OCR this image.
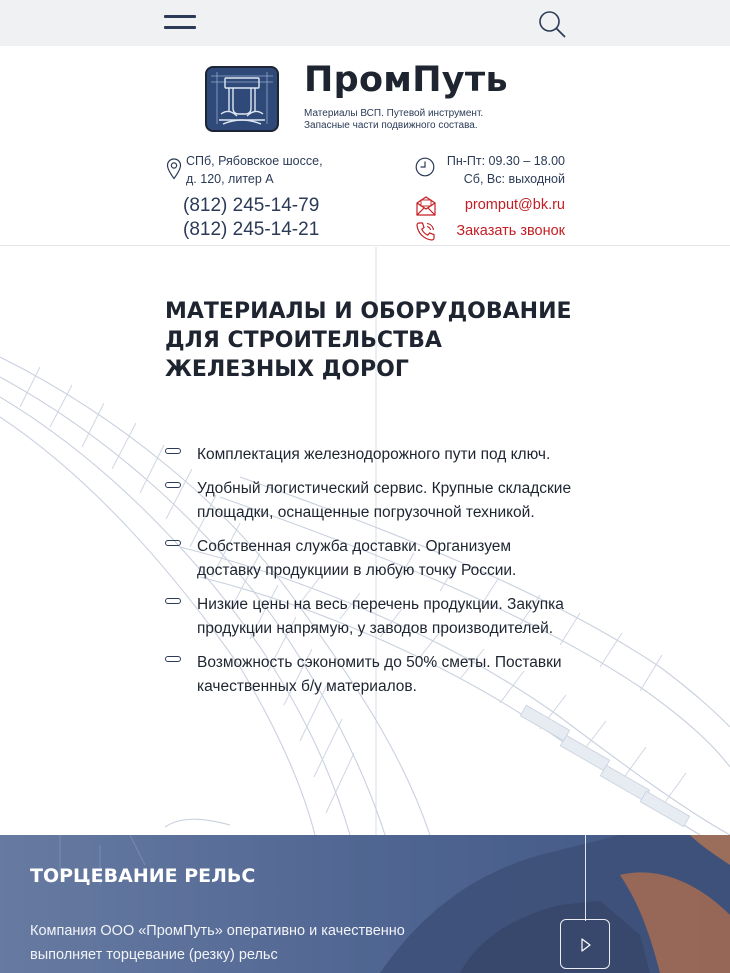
ПромПуть
Материалы ВСП. Путевой инструмент.
Запасные части подвижного состава.
СПб, Рябовское шоссе,
д. 120, литер А
Пн-Пт: 09.30 – 18.00
Сб, Вс: выходной
(812) 245-14-79
(812) 245-14-21
promput@bk.ru
Заказать звонок
МАТЕРИАЛЫ И ОБОРУДОВАНИЕ ДЛЯ СТРОИТЕЛЬСТВА ЖЕЛЕЗНЫХ ДОРОГ
Комплектация железнодорожного пути под ключ.
Удобный логистический сервис. Крупные складские площадки, оснащенные погрузочной техникой.
Собственная служба доставки. Организуем доставку продукциии в любую точку России.
Низкие цены на весь перечень продукции. Закупка продукции напрямую, у заводов производителей.
Возможность сэкономить до 50% сметы. Поставки качественных б/у материалов.
ТОРЦЕВАНИЕ РЕЛЬС

Компания ООО «ПромПуть» оперативно и качественно выполняет торцевание (резку) рельс
